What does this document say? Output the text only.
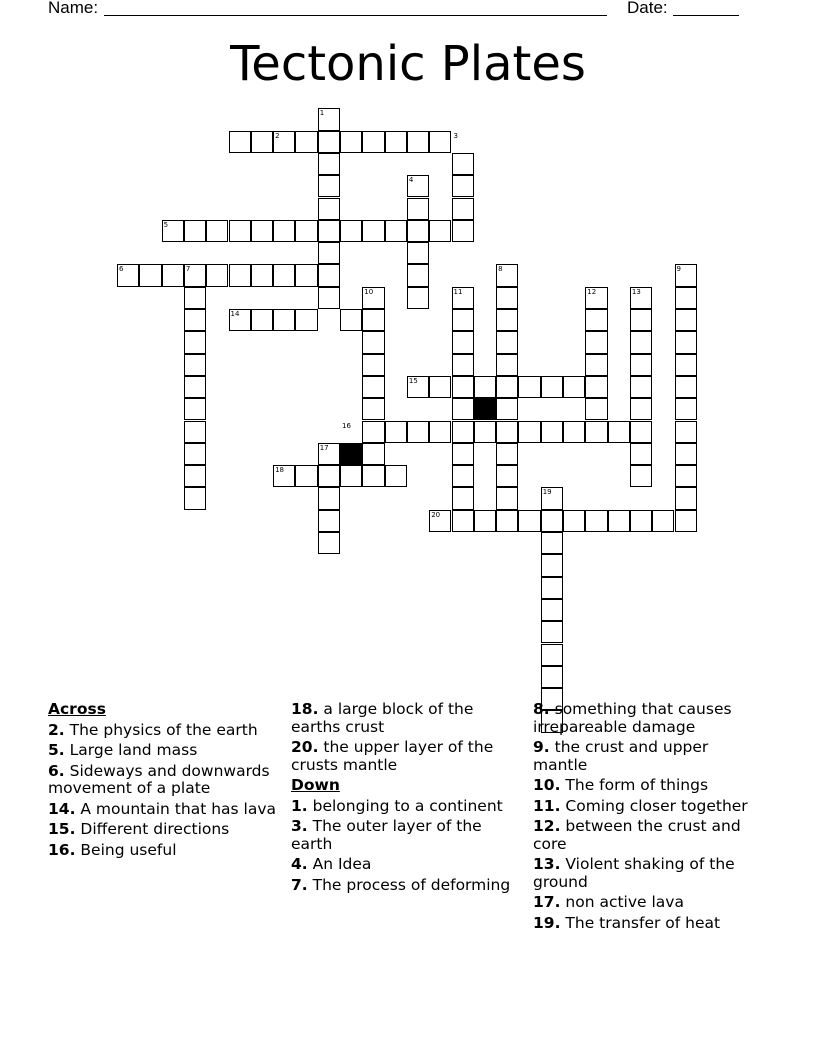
Name:	Date:
Tectonic Plates
1
2	3
4
5
6	7	8	9
10	11	12	13
14
15
16
17
18
19
20
Across
2. The physics of the earth
5. Large land mass
6. Sideways and downwards movement of a plate
14. A mountain that has lava
15. Different directions
16. Being useful
18. a large block of the earths crust
20. the upper layer of the crusts mantle
Down
1. belonging to a continent
3. The outer layer of the earth
4. An Idea
7. The process of deforming
8. something that causes irrepareable damage
9. the crust and upper mantle
10. The form of things
11. Coming closer together
12. between the crust and core
13. Violent shaking of the ground
17. non active lava
19. The transfer of heat
